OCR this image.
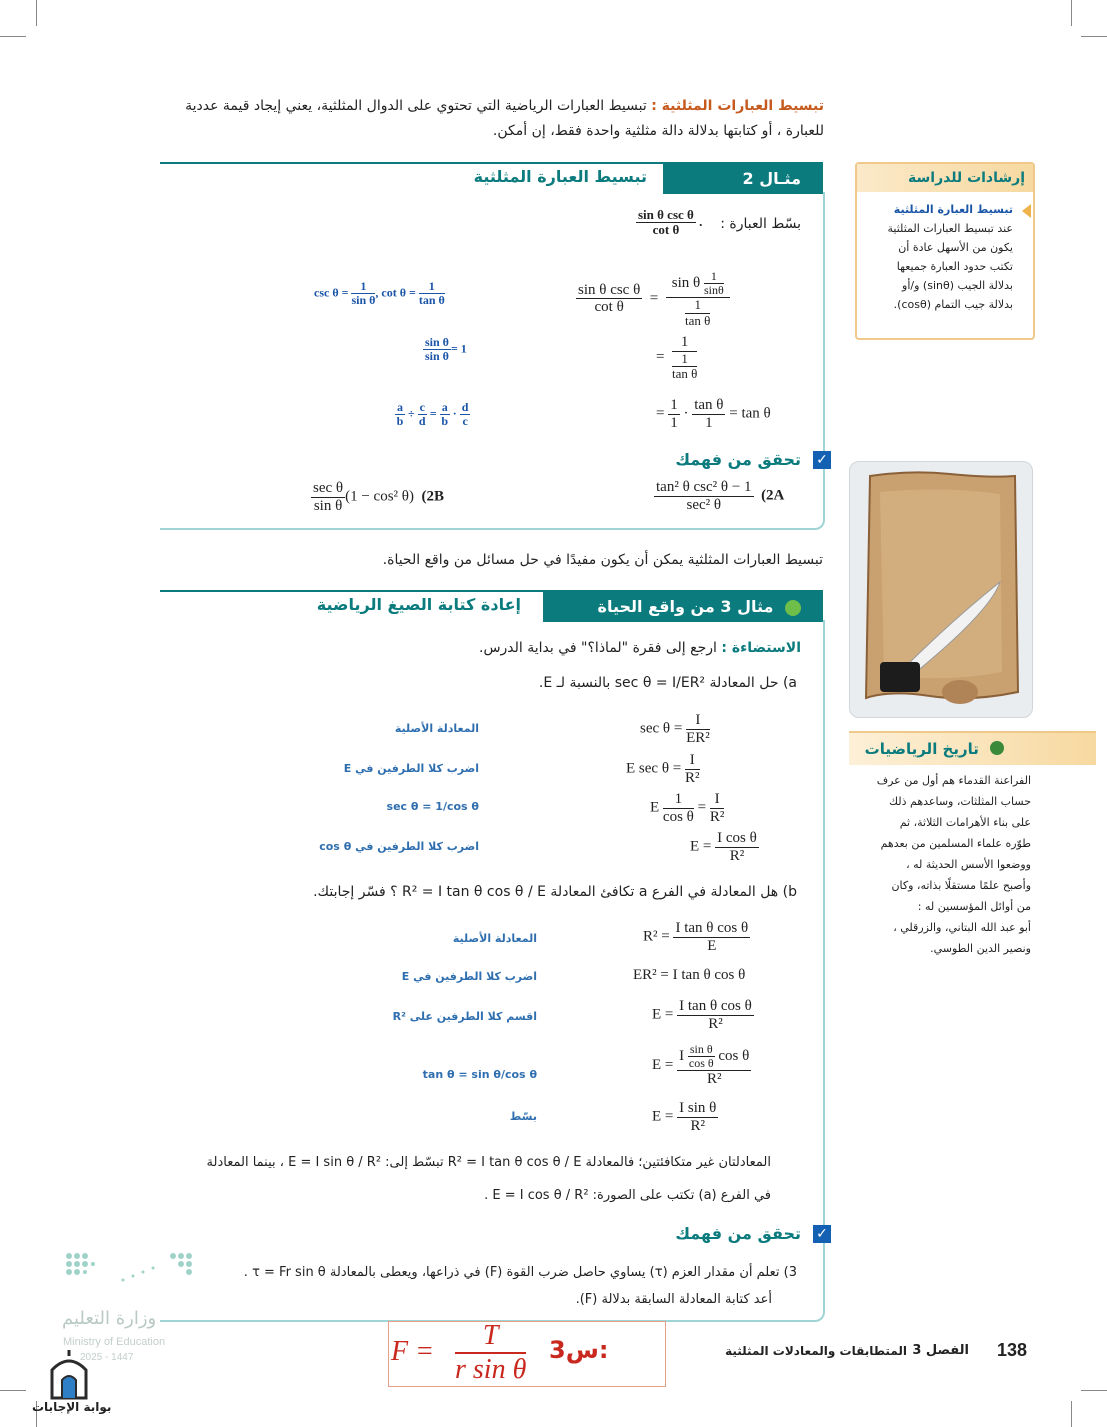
تبسيط العبارات المثلثية : تبسيط العبارات الرياضية التي تحتوي على الدوال المثلثية، يعني إيجاد قيمة عددية
للعبارة ، أو كتابتها بدلالة دالة مثلثية واحدة فقط، إن أمكن.
إرشادات للدراسة
تبسيط العبارة المثلثية
عند تبسيط العبارات المثلثية
يكون من الأسهل عادة أن
تكتب حدود العبارة جميعها
بدلالة الجيب (sinθ) و/أو
بدلالة جيب التمام (cosθ).
مثـال 2
تبسيط العبارة المثلثية
بسّط العبارة :
$\frac{\text{sin θ csc θ}}{\text{cot θ}}$ .
$\frac{\text{sin θ csc θ}}{\text{cot θ}} = \frac{\sin \theta \frac{1}{\sin\theta}}{\frac{1}{\text{tan θ}}}$
$\csc \theta = \frac{1}{\text{sin θ}}$ , $\cot \theta = \frac{1}{\text{tan θ}}$
= $\frac{1}{\frac{1}{\text{tan θ}}}$
$\frac{\text{sin θ}}{\text{sin θ}} = 1$
= $\frac{1}{1} \cdot \frac{\text{tan θ}}{1} = \tan \theta$
$\frac{a}{b} \div \frac{c}{d} = \frac{a}{b} \cdot \frac{d}{c}$
✓
تحقق من فهمك
$\frac{\text{tan² θ csc² θ − 1}}{\text{sec² θ}} (2A$
$\frac{\text{sec θ}}{\text{sin θ}} (1 - \cos^2$ θ) (2B
تاريخ الرياضيات
الفراعنة القدماء هم أول من عرف
حساب المثلثات، وساعدهم ذلك
على بناء الأهرامات الثلاثة، ثم
طوّره علماء المسلمين من بعدهم
ووضعوا الأسس الحديثة له ،
وأصبح علمًا مستقلًا بذاته، وكان
من أوائل المؤسسين له :
أبو عبد الله البتاني، والزرقلي ،
ونصير الدين الطوسي.
تبسيط العبارات المثلثية يمكن أن يكون مفيدًا في حل مسائل من واقع الحياة.
مثال 3 من واقع الحياة
إعادة كتابة الصيغ الرياضية
الاستضاءة : ارجع إلى فقرة "لماذا؟" في بداية الدرس.
a) حل المعادلة sec θ = I/ER² بالنسبة لـ E.
$\sec \theta = \frac{I}{\text{ER²}}$
المعادلة الأصلية
E $\sec \theta = \frac{I}{\text{R²}}$
اضرب كلا الطرفين في E
E $\frac{1}{\text{cos θ}} = \frac{I}{\text{R²}}$
sec θ = 1/cos θ
$E = \frac{\text{I cos θ}}{\text{R²}}$
اضرب كلا الطرفين في cos θ
b) هل المعادلة في الفرع a تكافئ المعادلة R² = I tan θ cos θ / E ؟ فسّر إجابتك.
$R^2 = \frac{\text{I tan θ cos θ}}{E}$
المعادلة الأصلية
ER² = I tan θ cos θ
اضرب كلا الطرفين في E
$E = \frac{\text{I tan θ cos θ}}{\text{R²}}$
اقسم كلا الطرفين على R²
$E = \frac{I \frac{\text{sin θ}}{\text{cos θ}} \cos \theta}{\text{R²}}$
tan θ = sin θ/cos θ
$E = \frac{\text{I sin θ}}{\text{R²}}$
بسّط
المعادلتان غير متكافئتين؛ فالمعادلة R² = I tan θ cos θ / E تبسّط إلى: E = I sin θ / R² ، بينما المعادلة
في الفرع (a) تكتب على الصورة: E = I cos θ / R² .
✓
تحقق من فهمك
3) تعلم أن مقدار العزم (τ) يساوي حاصل ضرب القوة (F) في ذراعها، ويعطى بالمعادلة τ = Fr sin θ .
أعد كتابة المعادلة السابقة بدلالة (F).
س3:
$F = \frac{T}{\text{r sin θ}}$
وزارة التعليم
Ministry of Education
2025 - 1447
بوابة الإجابات
138
الفصل 3
المتطابقات والمعادلات المثلثية
